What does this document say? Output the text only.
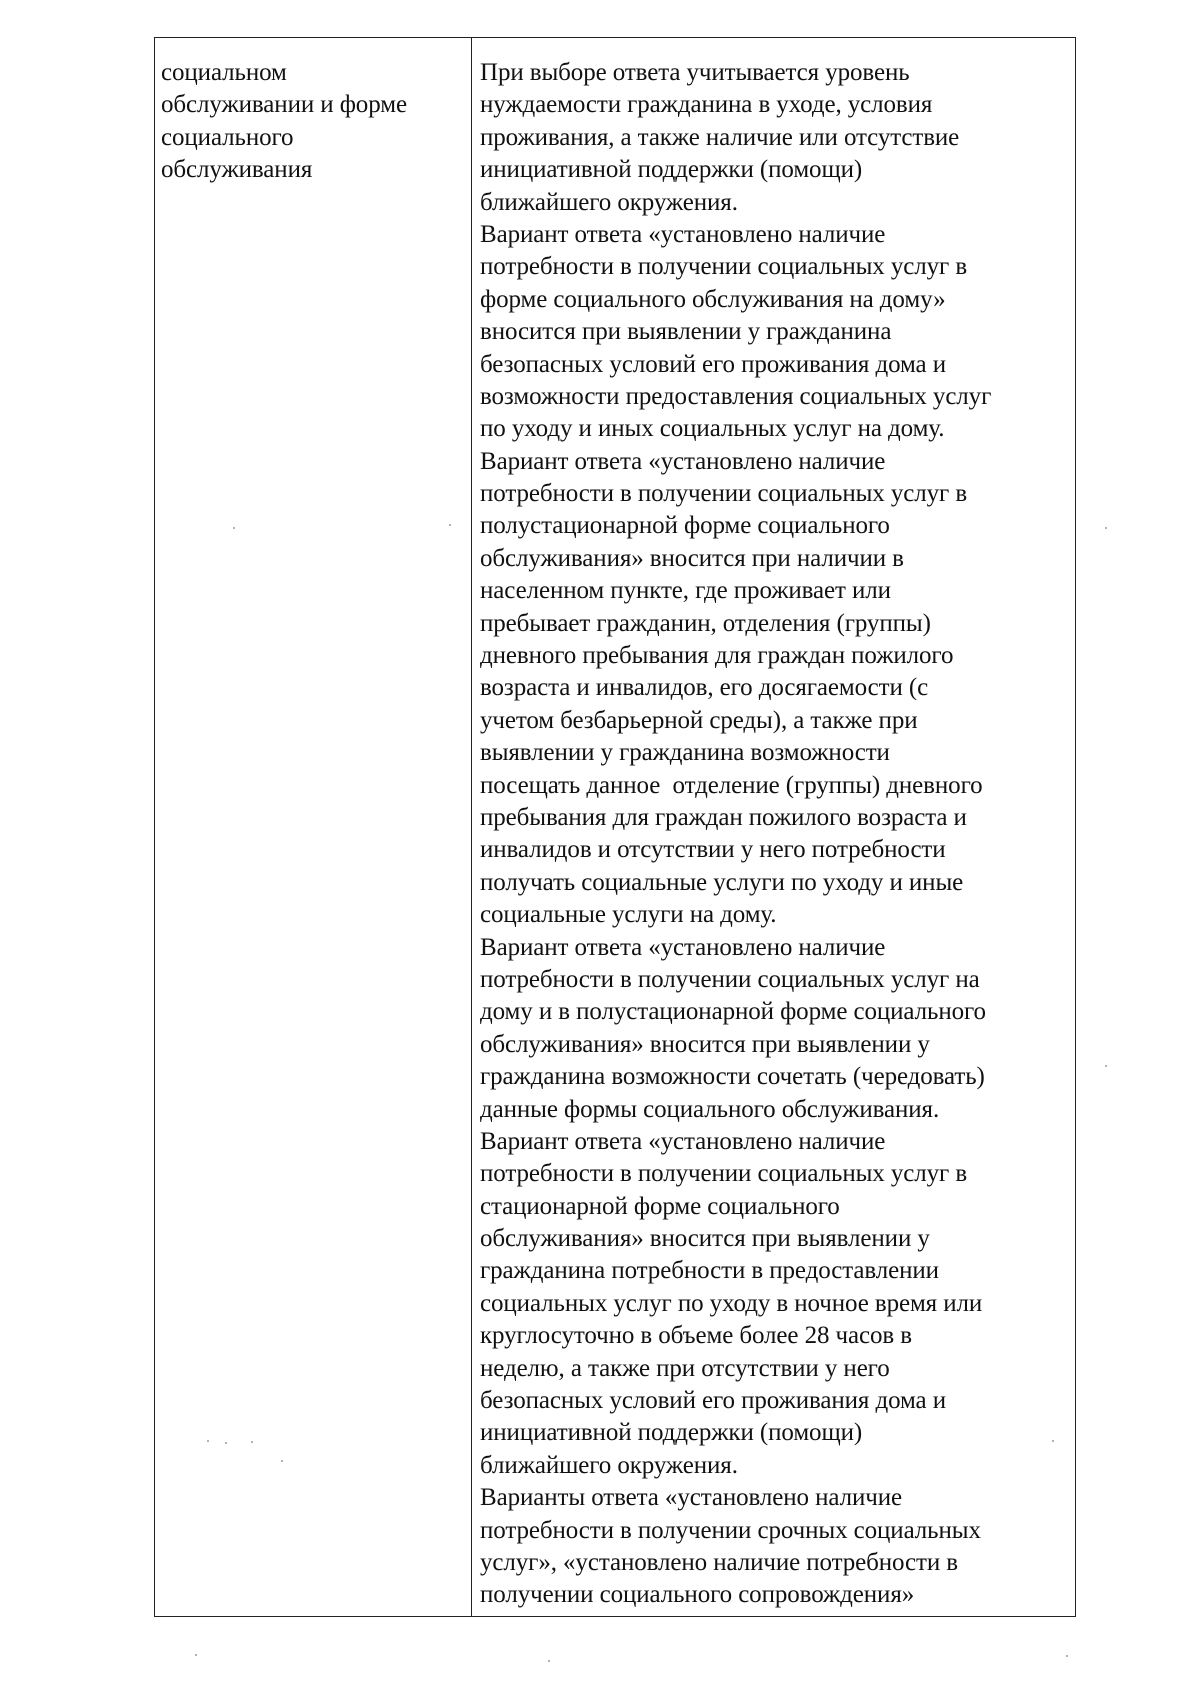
социальном
обслуживании и форме
социального
обслуживания
При выборе ответа учитывается уровень
нуждаемости гражданина в уходе, условия
проживания, а также наличие или отсутствие
инициативной поддержки (помощи)
ближайшего окружения.
Вариант ответа «установлено наличие
потребности в получении социальных услуг в
форме социального обслуживания на дому»
вносится при выявлении у гражданина
безопасных условий его проживания дома и
возможности предоставления социальных услуг
по уходу и иных социальных услуг на дому.
Вариант ответа «установлено наличие
потребности в получении социальных услуг в
полустационарной форме социального
обслуживания» вносится при наличии в
населенном пункте, где проживает или
пребывает гражданин, отделения (группы)
дневного пребывания для граждан пожилого
возраста и инвалидов, его досягаемости (с
учетом безбарьерной среды), а также при
выявлении у гражданина возможности
посещать данное  отделение (группы) дневного
пребывания для граждан пожилого возраста и
инвалидов и отсутствии у него потребности
получать социальные услуги по уходу и иные
социальные услуги на дому.
Вариант ответа «установлено наличие
потребности в получении социальных услуг на
дому и в полустационарной форме социального
обслуживания» вносится при выявлении у
гражданина возможности сочетать (чередовать)
данные формы социального обслуживания.
Вариант ответа «установлено наличие
потребности в получении социальных услуг в
стационарной форме социального
обслуживания» вносится при выявлении у
гражданина потребности в предоставлении
социальных услуг по уходу в ночное время или
круглосуточно в объеме более 28 часов в
неделю, а также при отсутствии у него
безопасных условий его проживания дома и
инициативной поддержки (помощи)
ближайшего окружения.
Варианты ответа «установлено наличие
потребности в получении срочных социальных
услуг», «установлено наличие потребности в
получении социального сопровождения»
